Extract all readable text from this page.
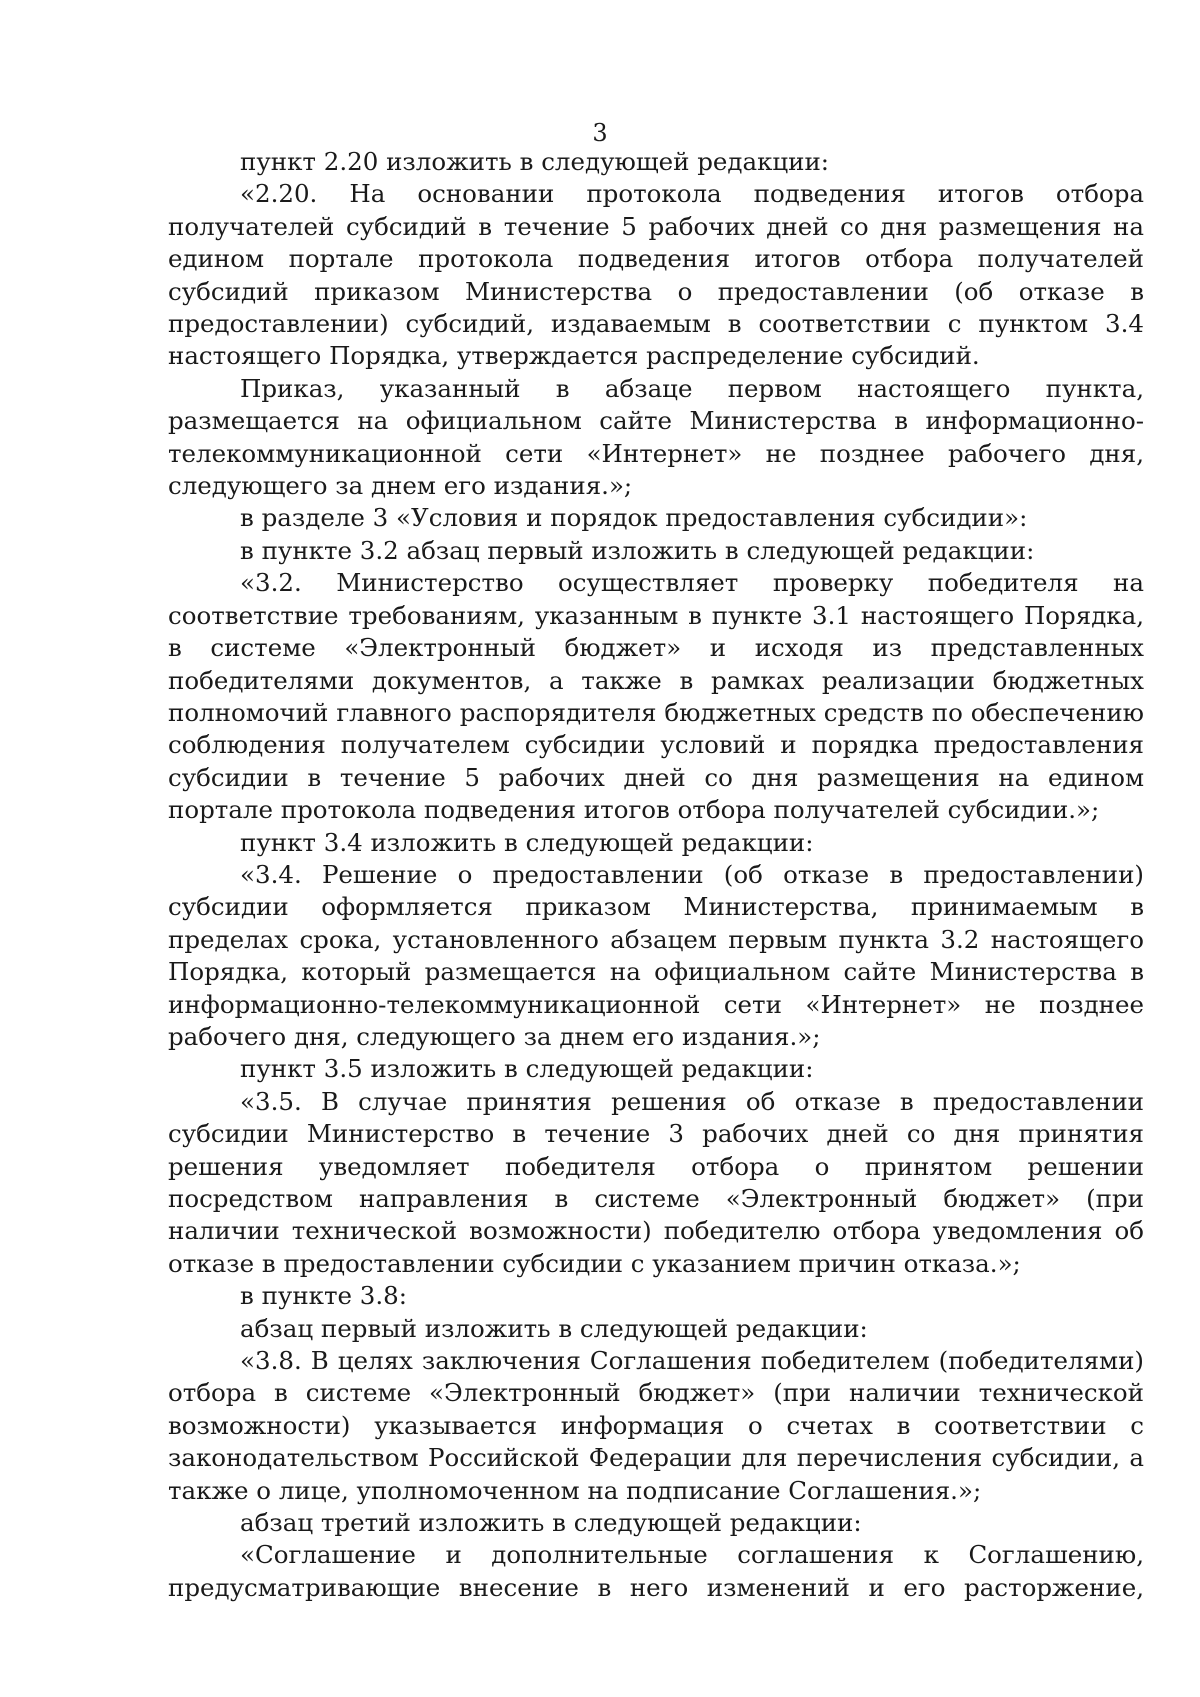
3

пункт 2.20 изложить в следующей редакции:

«2.20. На основании протокола подведения итогов отбора получателей субсидий в течение 5 рабочих дней со дня размещения на едином портале протокола подведения итогов отбора получателей субсидий приказом Министерства о предоставлении (об отказе в предоставлении) субсидий, издаваемым в соответствии с пунктом 3.4 настоящего Порядка, утверждается распределение субсидий.

Приказ, указанный в абзаце первом настоящего пункта, размещается на официальном сайте Министерства в информационно-телекоммуникационной сети «Интернет» не позднее рабочего дня, следующего за днем его издания.»;

в разделе 3 «Условия и порядок предоставления субсидии»:

в пункте 3.2 абзац первый изложить в следующей редакции:

«3.2. Министерство осуществляет проверку победителя на соответствие требованиям, указанным в пункте 3.1 настоящего Порядка, в системе «Электронный бюджет» и исходя из представленных победителями документов, а также в рамках реализации бюджетных полномочий главного распорядителя бюджетных средств по обеспечению соблюдения получателем субсидии условий и порядка предоставления субсидии в течение 5 рабочих дней со дня размещения на едином портале протокола подведения итогов отбора получателей субсидии.»;

пункт 3.4 изложить в следующей редакции:

«3.4. Решение о предоставлении (об отказе в предоставлении) субсидии оформляется приказом Министерства, принимаемым в пределах срока, установленного абзацем первым пункта 3.2 настоящего Порядка, который размещается на официальном сайте Министерства в информационно-телекоммуникационной сети «Интернет» не позднее рабочего дня, следующего за днем его издания.»;

пункт 3.5 изложить в следующей редакции:

«3.5. В случае принятия решения об отказе в предоставлении субсидии Министерство в течение 3 рабочих дней со дня принятия решения уведомляет победителя отбора о принятом решении посредством направления в системе «Электронный бюджет» (при наличии технической возможности) победителю отбора уведомления об отказе в предоставлении субсидии с указанием причин отказа.»;

в пункте 3.8:

абзац первый изложить в следующей редакции:

«3.8. В целях заключения Соглашения победителем (победителями) отбора в системе «Электронный бюджет» (при наличии технической возможности) указывается информация о счетах в соответствии с законодательством Российской Федерации для перечисления субсидии, а также о лице, уполномоченном на подписание Соглашения.»;

абзац третий изложить в следующей редакции:

«Соглашение и дополнительные соглашения к Соглашению, предусматривающие внесение в него изменений и его расторжение,
